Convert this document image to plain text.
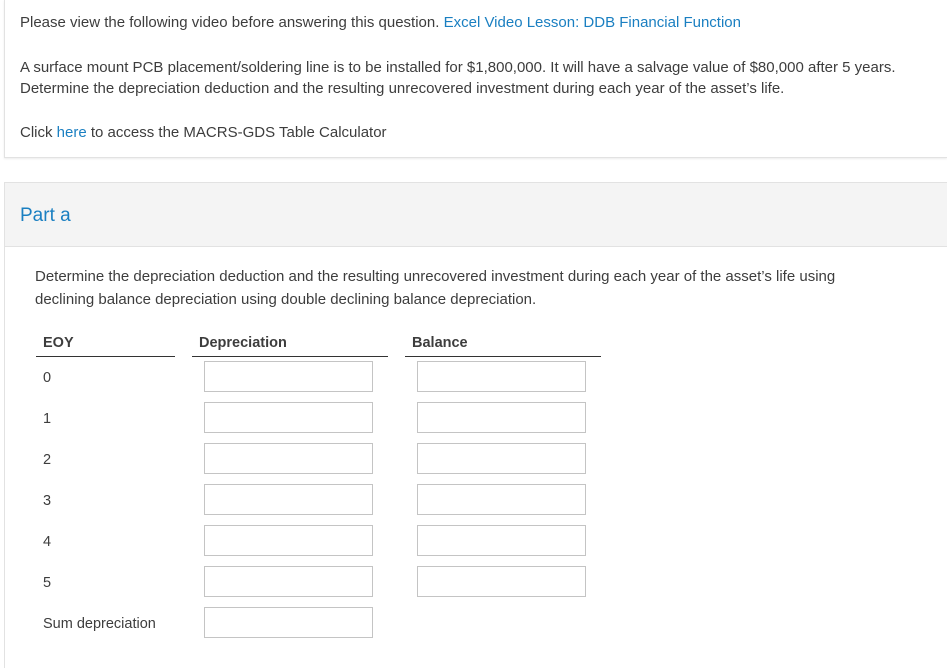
Please view the following video before answering this question. Excel Video Lesson: DDB Financial Function
A surface mount PCB placement/soldering line is to be installed for $1,800,000. It will have a salvage value of $80,000 after 5 years.
Determine the depreciation deduction and the resulting unrecovered investment during each year of the asset’s life.
Click here to access the MACRS-GDS Table Calculator
Part a
Determine the depreciation deduction and the resulting unrecovered investment during each year of the asset’s life using
declining balance depreciation using double declining balance depreciation.
EOY	Depreciation	Balance
0
1
2
3
4
5
Sum depreciation
